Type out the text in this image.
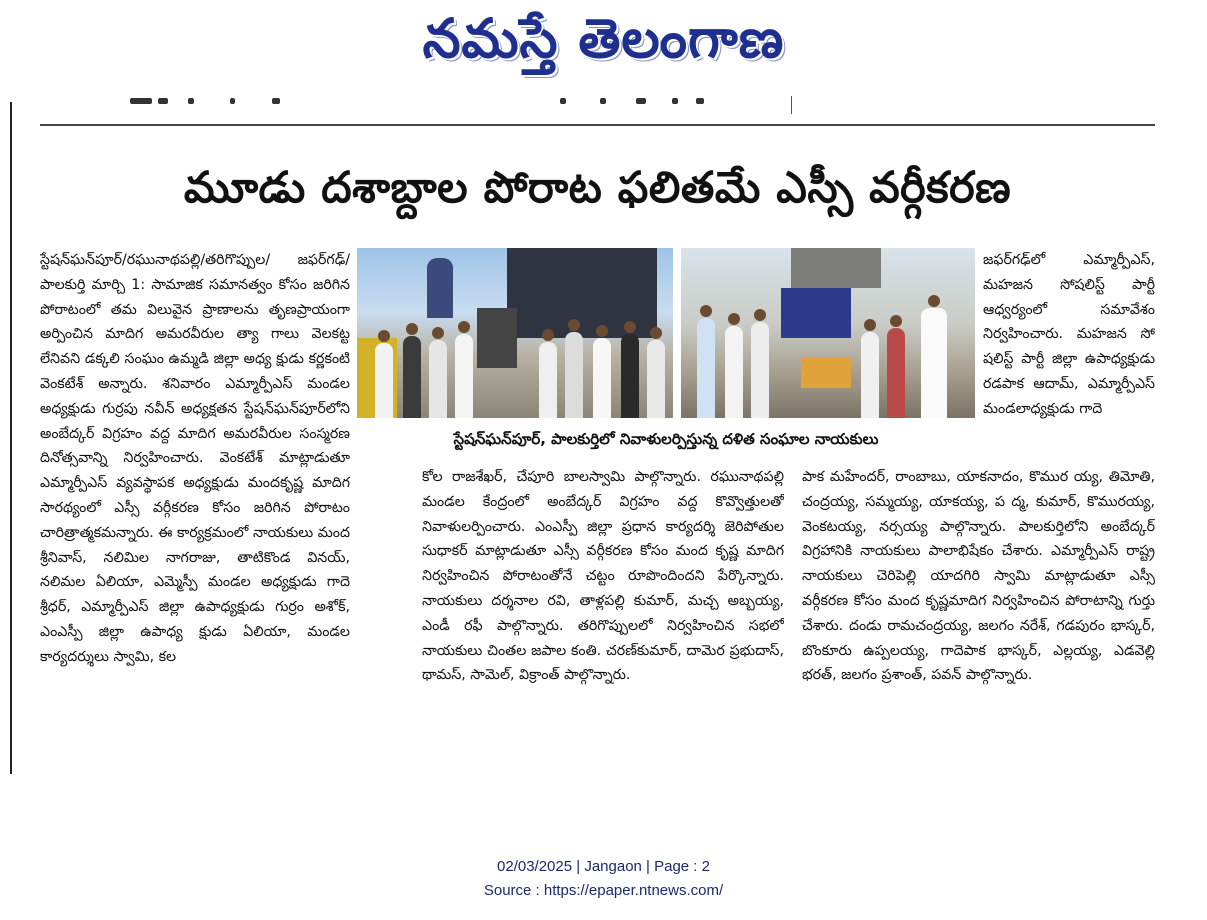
నమస్తే తెలంగాణ
మూడు దశాబ్దాల పోరాట ఫలితమే ఎస్సీ వర్గీకరణ

స్టేషన్‌ఘన్‌పూర్/రఘునాథపల్లి/తరిగొప్పుల/ జఫర్‌గఢ్/ పాలకుర్తి మార్చి 1: సామాజిక సమానత్వం కోసం జరిగిన పోరాటంలో తమ విలువైన ప్రాణాలను తృణప్రాయంగా అర్పించిన మాదిగ అమరవీరుల త్యా గాలు వెలకట్ట లేనివని డక్కలి సంఘం ఉమ్మడి జిల్లా అధ్య క్షుడు కర్ణకంటి వెంకటేశ్ అన్నారు. శనివారం ఎమ్మార్పీఎస్ మండల అధ్యక్షుడు గుర్రపు నవీన్ అధ్యక్షతన స్టేషన్‌ఘన్‌పూర్‌లోని అంబేద్కర్ విగ్రహం వద్ద మాదిగ అమరవీరుల సంస్మరణ దినోత్సవాన్ని నిర్వహించారు. వెంకటేశ్ మాట్లాడుతూ ఎమ్మార్పీఎస్ వ్యవస్థాపక అధ్యక్షుడు మందకృష్ణ మాదిగ సారథ్యంలో ఎస్సీ వర్గీకరణ కోసం జరిగిన పోరాటం చారిత్రాత్మకమన్నారు. ఈ కార్యక్రమంలో నాయకులు మంద శ్రీనివాస్, నలిమిల నాగరాజు, తాటికొండ వినయ్, నలిమల ఏలియా, ఎమ్మెస్పీ మండల అధ్యక్షుడు గాదె శ్రీధర్, ఎమ్మార్పీఎస్ జిల్లా ఉపాధ్యక్షుడు గుర్రం అశోక్, ఎంఎస్పీ జిల్లా ఉపాధ్య క్షుడు ఏలియా, మండల కార్యదర్శులు స్వామి, కల

స్టేషన్‌ఘన్‌పూర్, పాలకుర్తిలో నివాళులర్పిస్తున్న దళిత సంఘాల నాయకులు

కోల రాజశేఖర్, చేపూరి బాలస్వామి పాల్గొన్నారు. రఘునాథపల్లి మండల కేంద్రంలో అంబేద్కర్ విగ్రహం వద్ద కొవ్వొత్తులతో నివాళులర్పించారు. ఎంఎస్పీ జిల్లా ప్రధాన కార్యదర్శి జెరిపోతుల సుధాకర్ మాట్లాడుతూ ఎస్సీ వర్గీకరణ కోసం మంద కృష్ణ మాదిగ నిర్వహించిన పోరాటంతోనే చట్టం రూపొందిందని పేర్కొన్నారు. నాయకులు దర్శనాల రవి, తాళ్లపల్లి కుమార్, మచ్చ అబ్బయ్య, ఎండీ రఫీ పాల్గొన్నారు. తరిగొప్పులలో నిర్వహించిన సభలో నాయకులు చింతల జపాల కంతి. చరణ్‌కుమార్, దామెర ప్రభుదాస్, థామస్, సామెల్, విక్రాంత్ పాల్గొన్నారు.

జఫర్‌గఢ్‌లో ఎమ్మార్పీఎస్, మహజన సోషలిస్ట్ పార్టీ ఆధ్వర్యంలో సమావేశం నిర్వహించారు. మహజన సో షలిస్ట్ పార్టీ జిల్లా ఉపాధ్యక్షుడు రడపాక ఆదామ్, ఎమ్మార్పీఎస్ మండలాధ్యక్షుడు గాదె

పాక మహేందర్, రాంబాబు, యాకనాదం, కొముర య్య, తిమోతి, చంద్రయ్య, సమ్మయ్య, యాకయ్య, ప ద్మ, కుమార్, కొమురయ్య, వెంకటయ్య, నర్సయ్య పాల్గొన్నారు. పాలకుర్తిలోని అంబేద్కర్ విగ్రహానికి నాయకులు పాలాభిషేకం చేశారు. ఎమ్మార్పీఎస్ రాష్ట్ర నాయకులు చెరిపెల్లి యాదగిరి స్వామి మాట్లాడుతూ ఎస్సీ వర్గీకరణ కోసం మంద కృష్ణమాదిగ నిర్వహించిన పోరాటాన్ని గుర్తు చేశారు. దండు రామచంద్రయ్య, జలగం నరేశ్, గడపురం భాస్కర్, బొంకూరు ఉప్పలయ్య, గాదెపాక భాస్కర్, ఎల్లయ్య, ఎడవెల్లి భరత్, జలగం ప్రశాంత్, పవన్ పాల్గొన్నారు.

02/03/2025 | Jangaon | Page : 2
Source : https://epaper.ntnews.com/
